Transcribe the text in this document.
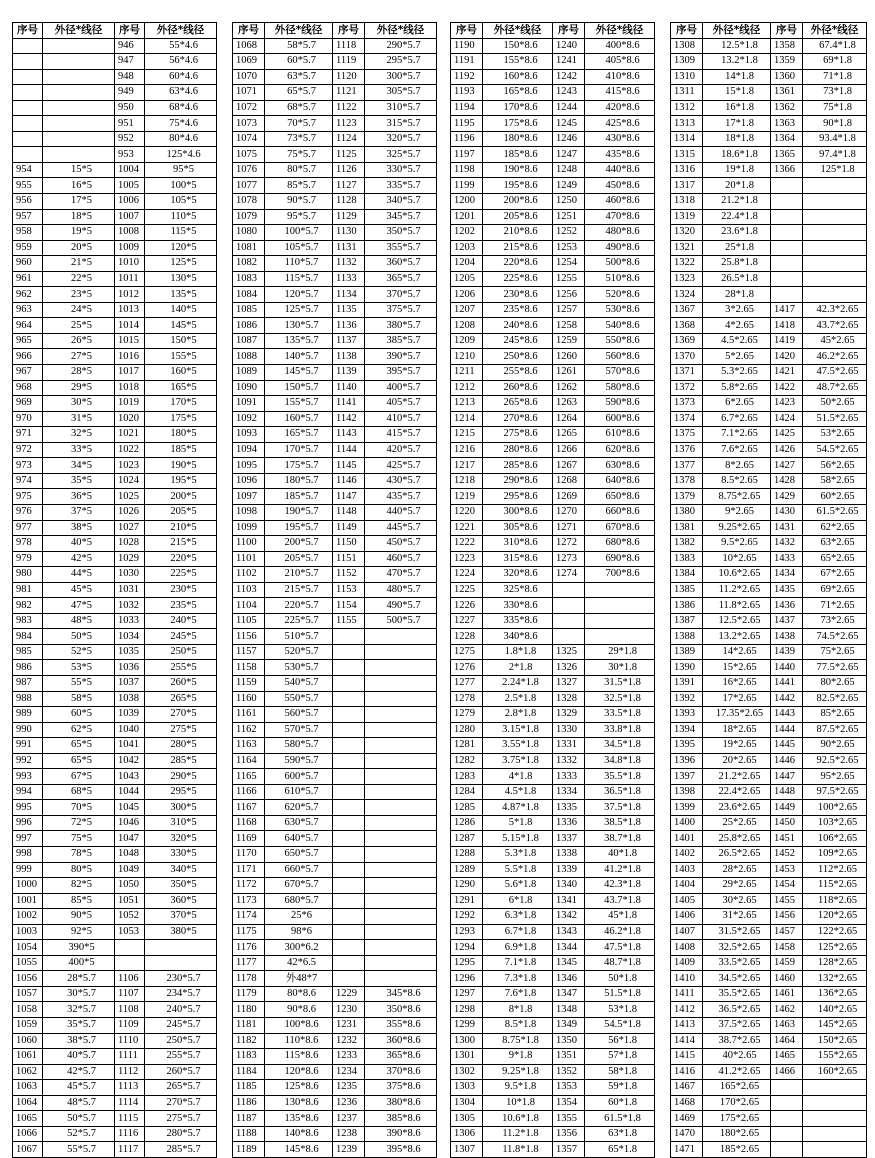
序号	外径*线径	序号	外径*线径
		946	55*4.6
		947	56*4.6
		948	60*4.6
		949	63*4.6
		950	68*4.6
		951	75*4.6
		952	80*4.6
		953	125*4.6
954	15*5	1004	95*5
955	16*5	1005	100*5
956	17*5	1006	105*5
957	18*5	1007	110*5
958	19*5	1008	115*5
959	20*5	1009	120*5
960	21*5	1010	125*5
961	22*5	1011	130*5
962	23*5	1012	135*5
963	24*5	1013	140*5
964	25*5	1014	145*5
965	26*5	1015	150*5
966	27*5	1016	155*5
967	28*5	1017	160*5
968	29*5	1018	165*5
969	30*5	1019	170*5
970	31*5	1020	175*5
971	32*5	1021	180*5
972	33*5	1022	185*5
973	34*5	1023	190*5
974	35*5	1024	195*5
975	36*5	1025	200*5
976	37*5	1026	205*5
977	38*5	1027	210*5
978	40*5	1028	215*5
979	42*5	1029	220*5
980	44*5	1030	225*5
981	45*5	1031	230*5
982	47*5	1032	235*5
983	48*5	1033	240*5
984	50*5	1034	245*5
985	52*5	1035	250*5
986	53*5	1036	255*5
987	55*5	1037	260*5
988	58*5	1038	265*5
989	60*5	1039	270*5
990	62*5	1040	275*5
991	65*5	1041	280*5
992	65*5	1042	285*5
993	67*5	1043	290*5
994	68*5	1044	295*5
995	70*5	1045	300*5
996	72*5	1046	310*5
997	75*5	1047	320*5
998	78*5	1048	330*5
999	80*5	1049	340*5
1000	82*5	1050	350*5
1001	85*5	1051	360*5
1002	90*5	1052	370*5
1003	92*5	1053	380*5
1054	390*5		
1055	400*5		
1056	28*5.7	1106	230*5.7
1057	30*5.7	1107	234*5.7
1058	32*5.7	1108	240*5.7
1059	35*5.7	1109	245*5.7
1060	38*5.7	1110	250*5.7
1061	40*5.7	1111	255*5.7
1062	42*5.7	1112	260*5.7
1063	45*5.7	1113	265*5.7
1064	48*5.7	1114	270*5.7
1065	50*5.7	1115	275*5.7
1066	52*5.7	1116	280*5.7
1067	55*5.7	1117	285*5.7
序号	外径*线径	序号	外径*线径
1068	58*5.7	1118	290*5.7
1069	60*5.7	1119	295*5.7
1070	63*5.7	1120	300*5.7
1071	65*5.7	1121	305*5.7
1072	68*5.7	1122	310*5.7
1073	70*5.7	1123	315*5.7
1074	73*5.7	1124	320*5.7
1075	75*5.7	1125	325*5.7
1076	80*5.7	1126	330*5.7
1077	85*5.7	1127	335*5.7
1078	90*5.7	1128	340*5.7
1079	95*5.7	1129	345*5.7
1080	100*5.7	1130	350*5.7
1081	105*5.7	1131	355*5.7
1082	110*5.7	1132	360*5.7
1083	115*5.7	1133	365*5.7
1084	120*5.7	1134	370*5.7
1085	125*5.7	1135	375*5.7
1086	130*5.7	1136	380*5.7
1087	135*5.7	1137	385*5.7
1088	140*5.7	1138	390*5.7
1089	145*5.7	1139	395*5.7
1090	150*5.7	1140	400*5.7
1091	155*5.7	1141	405*5.7
1092	160*5.7	1142	410*5.7
1093	165*5.7	1143	415*5.7
1094	170*5.7	1144	420*5.7
1095	175*5.7	1145	425*5.7
1096	180*5.7	1146	430*5.7
1097	185*5.7	1147	435*5.7
1098	190*5.7	1148	440*5.7
1099	195*5.7	1149	445*5.7
1100	200*5.7	1150	450*5.7
1101	205*5.7	1151	460*5.7
1102	210*5.7	1152	470*5.7
1103	215*5.7	1153	480*5.7
1104	220*5.7	1154	490*5.7
1105	225*5.7	1155	500*5.7
1156	510*5.7		
1157	520*5.7		
1158	530*5.7		
1159	540*5.7		
1160	550*5.7		
1161	560*5.7		
1162	570*5.7		
1163	580*5.7		
1164	590*5.7		
1165	600*5.7		
1166	610*5.7		
1167	620*5.7		
1168	630*5.7		
1169	640*5.7		
1170	650*5.7		
1171	660*5.7		
1172	670*5.7		
1173	680*5.7		
1174	25*6		
1175	98*6		
1176	300*6.2		
1177	42*6.5		
1178	外48*7		
1179	80*8.6	1229	345*8.6
1180	90*8.6	1230	350*8.6
1181	100*8.6	1231	355*8.6
1182	110*8.6	1232	360*8.6
1183	115*8.6	1233	365*8.6
1184	120*8.6	1234	370*8.6
1185	125*8.6	1235	375*8.6
1186	130*8.6	1236	380*8.6
1187	135*8.6	1237	385*8.6
1188	140*8.6	1238	390*8.6
1189	145*8.6	1239	395*8.6
序号	外径*线径	序号	外径*线径
1190	150*8.6	1240	400*8.6
1191	155*8.6	1241	405*8.6
1192	160*8.6	1242	410*8.6
1193	165*8.6	1243	415*8.6
1194	170*8.6	1244	420*8.6
1195	175*8.6	1245	425*8.6
1196	180*8.6	1246	430*8.6
1197	185*8.6	1247	435*8.6
1198	190*8.6	1248	440*8.6
1199	195*8.6	1249	450*8.6
1200	200*8.6	1250	460*8.6
1201	205*8.6	1251	470*8.6
1202	210*8.6	1252	480*8.6
1203	215*8.6	1253	490*8.6
1204	220*8.6	1254	500*8.6
1205	225*8.6	1255	510*8.6
1206	230*8.6	1256	520*8.6
1207	235*8.6	1257	530*8.6
1208	240*8.6	1258	540*8.6
1209	245*8.6	1259	550*8.6
1210	250*8.6	1260	560*8.6
1211	255*8.6	1261	570*8.6
1212	260*8.6	1262	580*8.6
1213	265*8.6	1263	590*8.6
1214	270*8.6	1264	600*8.6
1215	275*8.6	1265	610*8.6
1216	280*8.6	1266	620*8.6
1217	285*8.6	1267	630*8.6
1218	290*8.6	1268	640*8.6
1219	295*8.6	1269	650*8.6
1220	300*8.6	1270	660*8.6
1221	305*8.6	1271	670*8.6
1222	310*8.6	1272	680*8.6
1223	315*8.6	1273	690*8.6
1224	320*8.6	1274	700*8.6
1225	325*8.6		
1226	330*8.6		
1227	335*8.6		
1228	340*8.6		
1275	1.8*1.8	1325	29*1.8
1276	2*1.8	1326	30*1.8
1277	2.24*1.8	1327	31.5*1.8
1278	2.5*1.8	1328	32.5*1.8
1279	2.8*1.8	1329	33.5*1.8
1280	3.15*1.8	1330	33.8*1.8
1281	3.55*1.8	1331	34.5*1.8
1282	3.75*1.8	1332	34.8*1.8
1283	4*1.8	1333	35.5*1.8
1284	4.5*1.8	1334	36.5*1.8
1285	4.87*1.8	1335	37.5*1.8
1286	5*1.8	1336	38.5*1.8
1287	5.15*1.8	1337	38.7*1.8
1288	5.3*1.8	1338	40*1.8
1289	5.5*1.8	1339	41.2*1.8
1290	5.6*1.8	1340	42.3*1.8
1291	6*1.8	1341	43.7*1.8
1292	6.3*1.8	1342	45*1.8
1293	6.7*1.8	1343	46.2*1.8
1294	6.9*1.8	1344	47.5*1.8
1295	7.1*1.8	1345	48.7*1.8
1296	7.3*1.8	1346	50*1.8
1297	7.6*1.8	1347	51.5*1.8
1298	8*1.8	1348	53*1.8
1299	8.5*1.8	1349	54.5*1.8
1300	8.75*1.8	1350	56*1.8
1301	9*1.8	1351	57*1.8
1302	9.25*1.8	1352	58*1.8
1303	9.5*1.8	1353	59*1.8
1304	10*1.8	1354	60*1.8
1305	10.6*1.8	1355	61.5*1.8
1306	11.2*1.8	1356	63*1.8
1307	11.8*1.8	1357	65*1.8
序号	外径*线径	序号	外径*线径
1308	12.5*1.8	1358	67.4*1.8
1309	13.2*1.8	1359	69*1.8
1310	14*1.8	1360	71*1.8
1311	15*1.8	1361	73*1.8
1312	16*1.8	1362	75*1.8
1313	17*1.8	1363	90*1.8
1314	18*1.8	1364	93.4*1.8
1315	18.6*1.8	1365	97.4*1.8
1316	19*1.8	1366	125*1.8
1317	20*1.8		
1318	21.2*1.8		
1319	22.4*1.8		
1320	23.6*1.8		
1321	25*1.8		
1322	25.8*1.8		
1323	26.5*1.8		
1324	28*1.8		
1367	3*2.65	1417	42.3*2.65
1368	4*2.65	1418	43.7*2.65
1369	4.5*2.65	1419	45*2.65
1370	5*2.65	1420	46.2*2.65
1371	5.3*2.65	1421	47.5*2.65
1372	5.8*2.65	1422	48.7*2.65
1373	6*2.65	1423	50*2.65
1374	6.7*2.65	1424	51.5*2.65
1375	7.1*2.65	1425	53*2.65
1376	7.6*2.65	1426	54.5*2.65
1377	8*2.65	1427	56*2.65
1378	8.5*2.65	1428	58*2.65
1379	8.75*2.65	1429	60*2.65
1380	9*2.65	1430	61.5*2.65
1381	9.25*2.65	1431	62*2.65
1382	9.5*2.65	1432	63*2.65
1383	10*2.65	1433	65*2.65
1384	10.6*2.65	1434	67*2.65
1385	11.2*2.65	1435	69*2.65
1386	11.8*2.65	1436	71*2.65
1387	12.5*2.65	1437	73*2.65
1388	13.2*2.65	1438	74.5*2.65
1389	14*2.65	1439	75*2.65
1390	15*2.65	1440	77.5*2.65
1391	16*2.65	1441	80*2.65
1392	17*2.65	1442	82.5*2.65
1393	17.35*2.65	1443	85*2.65
1394	18*2.65	1444	87.5*2.65
1395	19*2.65	1445	90*2.65
1396	20*2.65	1446	92.5*2.65
1397	21.2*2.65	1447	95*2.65
1398	22.4*2.65	1448	97.5*2.65
1399	23.6*2.65	1449	100*2.65
1400	25*2.65	1450	103*2.65
1401	25.8*2.65	1451	106*2.65
1402	26.5*2.65	1452	109*2.65
1403	28*2.65	1453	112*2.65
1404	29*2.65	1454	115*2.65
1405	30*2.65	1455	118*2.65
1406	31*2.65	1456	120*2.65
1407	31.5*2.65	1457	122*2.65
1408	32.5*2.65	1458	125*2.65
1409	33.5*2.65	1459	128*2.65
1410	34.5*2.65	1460	132*2.65
1411	35.5*2.65	1461	136*2.65
1412	36.5*2.65	1462	140*2.65
1413	37.5*2.65	1463	145*2.65
1414	38.7*2.65	1464	150*2.65
1415	40*2.65	1465	155*2.65
1416	41.2*2.65	1466	160*2.65
1467	165*2.65		
1468	170*2.65		
1469	175*2.65		
1470	180*2.65		
1471	185*2.65		
